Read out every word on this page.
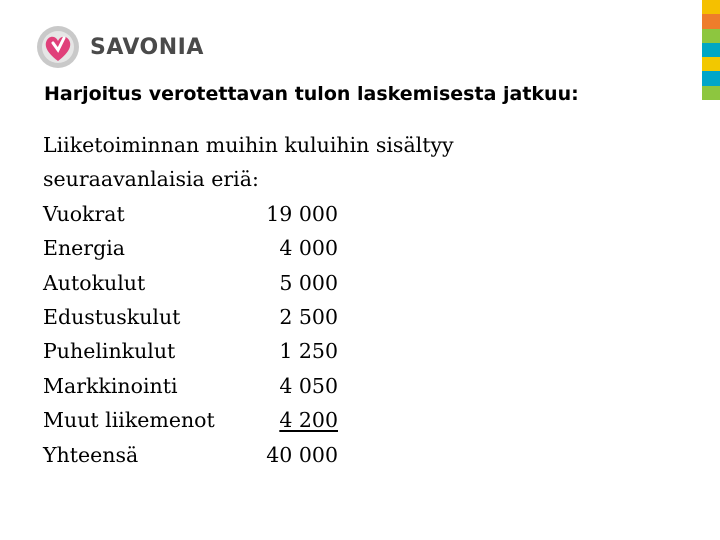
SAVONIA
Harjoitus verotettavan tulon laskemisesta jatkuu:
Liiketoiminnan muihin kuluihin sisältyy
seuraavanlaisia eriä:
Vuokrat	19 000
Energia	4 000
Autokulut	5 000
Edustuskulut	2 500
Puhelinkulut	1 250
Markkinointi	4 050
Muut liikemenot	4 200
Yhteensä	40 000
